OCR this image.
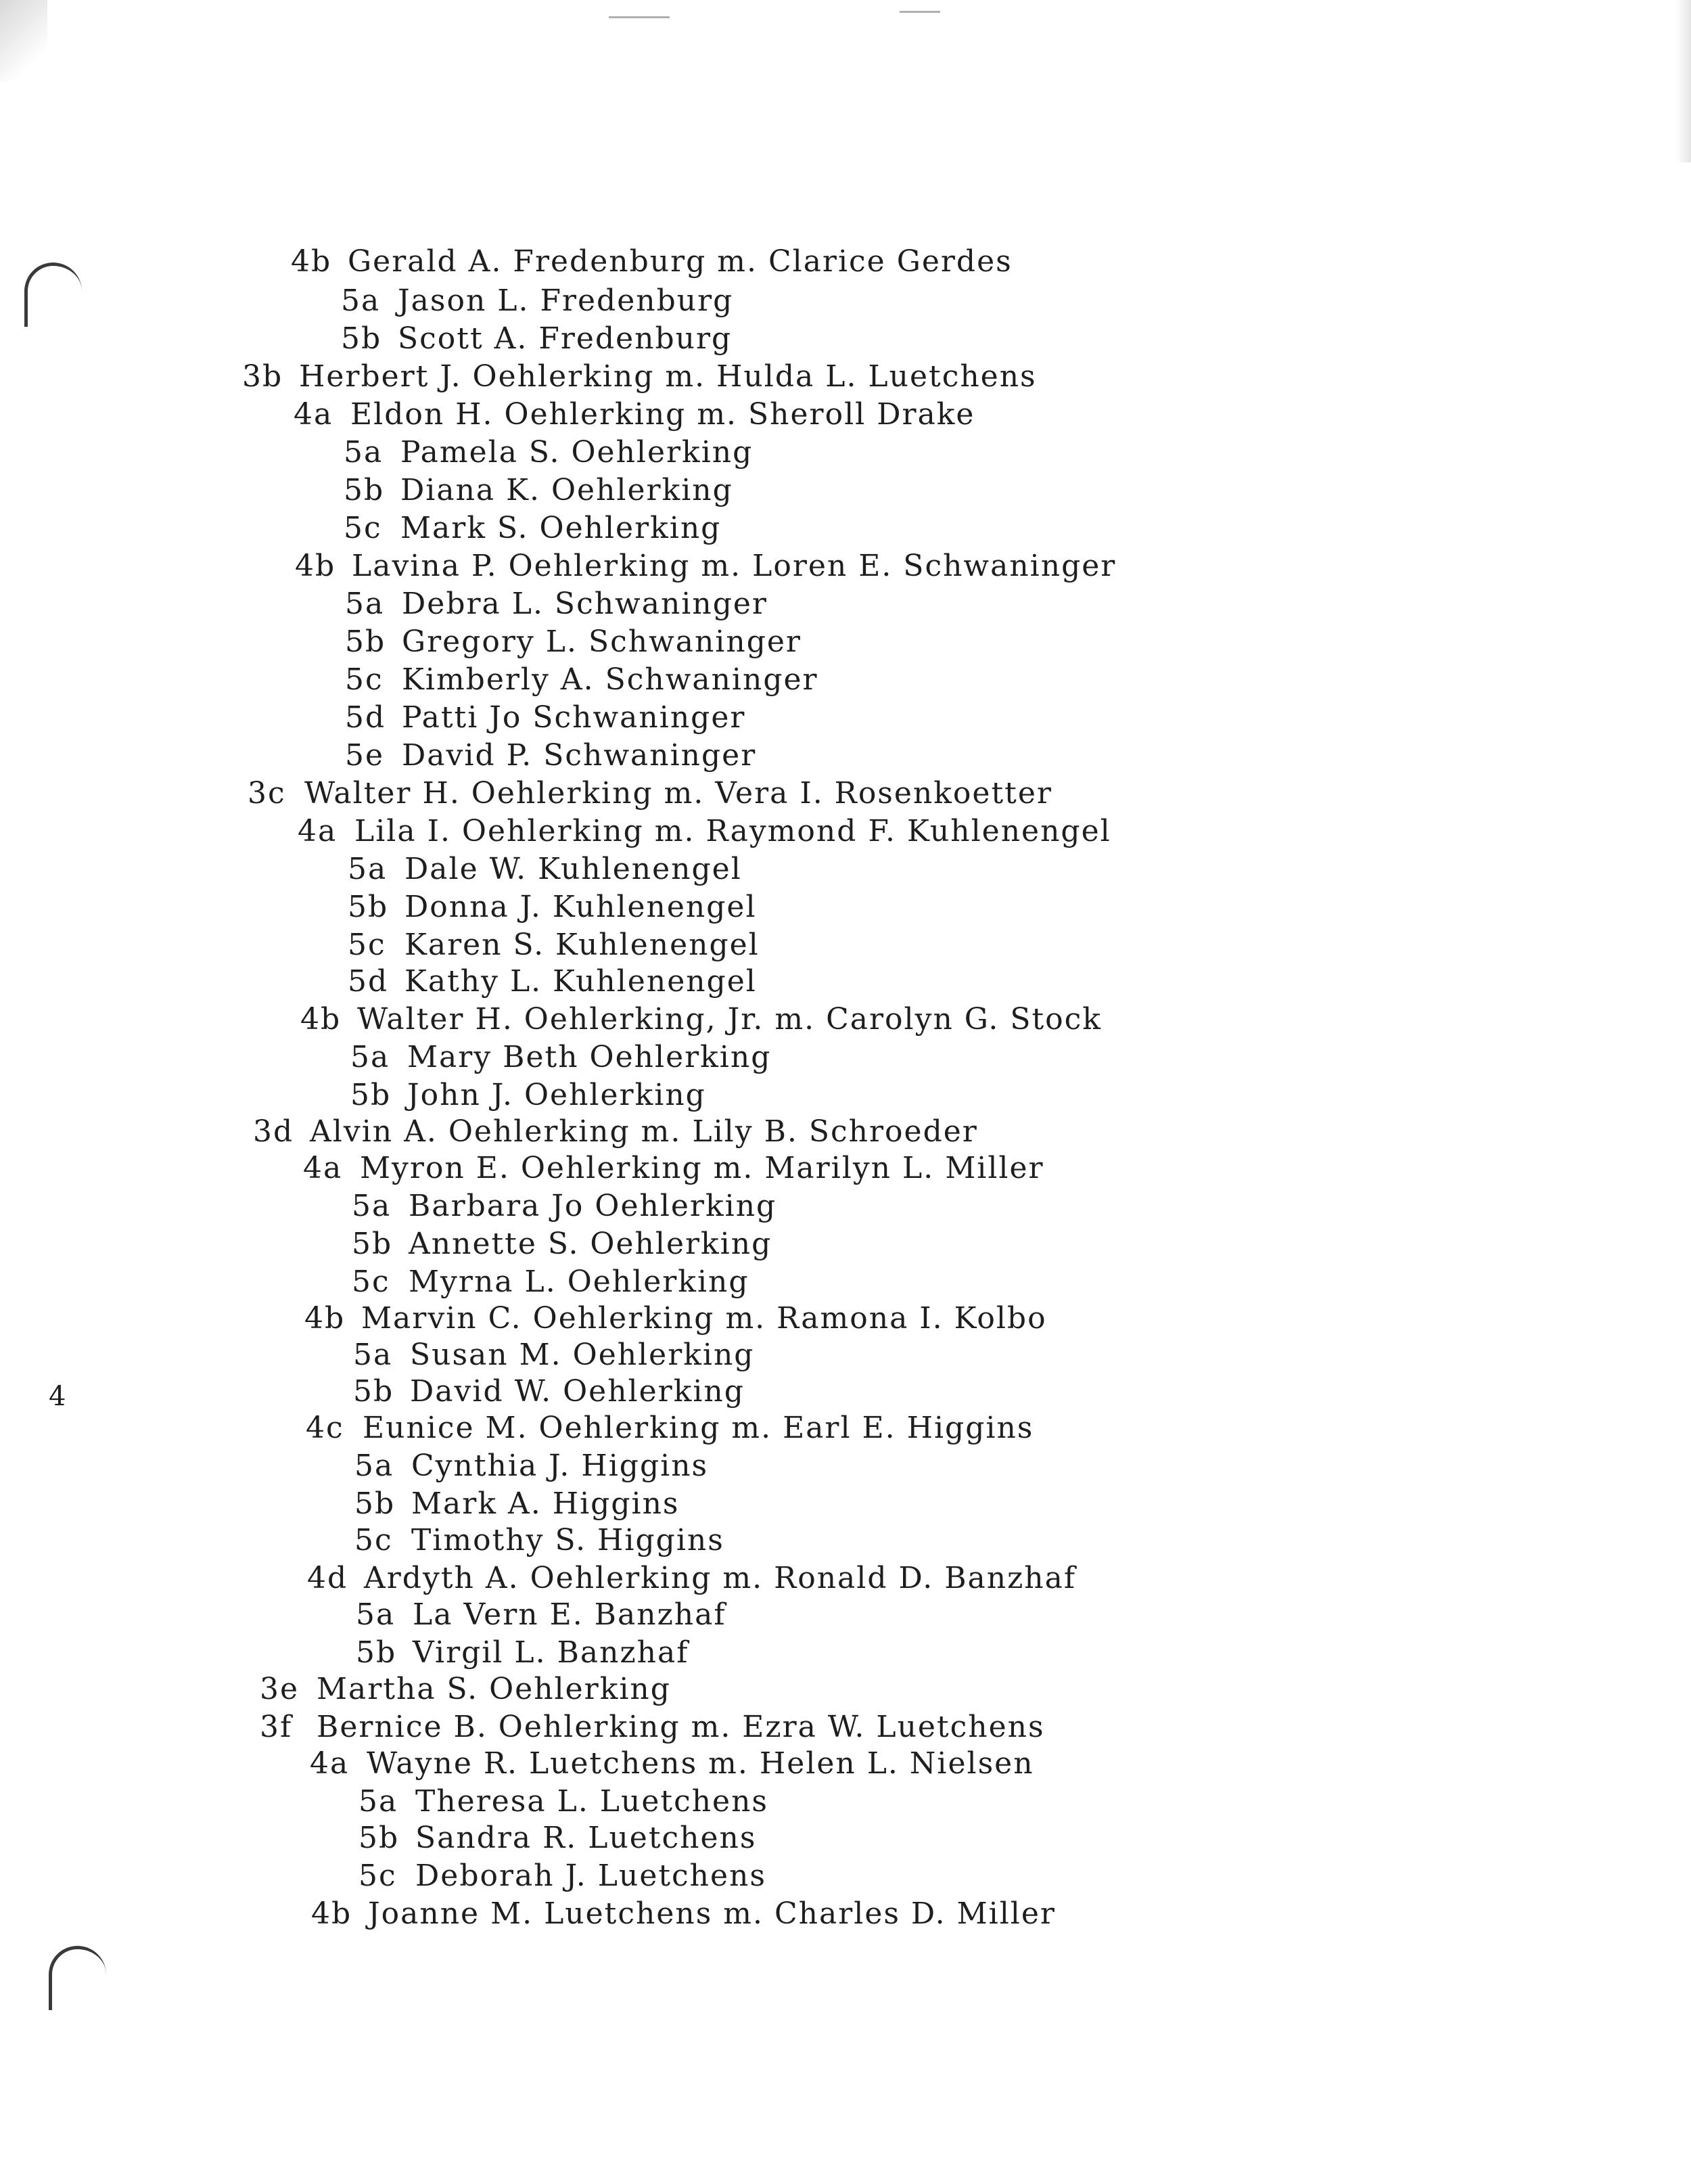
4
4b Gerald A. Fredenburg m. Clarice Gerdes
5a Jason L. Fredenburg
5b Scott A. Fredenburg
3b Herbert J. Oehlerking m. Hulda L. Luetchens
4a Eldon H. Oehlerking m. Sheroll Drake
5a Pamela S. Oehlerking
5b Diana K. Oehlerking
5c Mark S. Oehlerking
4b Lavina P. Oehlerking m. Loren E. Schwaninger
5a Debra L. Schwaninger
5b Gregory L. Schwaninger
5c Kimberly A. Schwaninger
5d Patti Jo Schwaninger
5e David P. Schwaninger
3c Walter H. Oehlerking m. Vera I. Rosenkoetter
4a Lila I. Oehlerking m. Raymond F. Kuhlenengel
5a Dale W. Kuhlenengel
5b Donna J. Kuhlenengel
5c Karen S. Kuhlenengel
5d Kathy L. Kuhlenengel
4b Walter H. Oehlerking, Jr. m. Carolyn G. Stock
5a Mary Beth Oehlerking
5b John J. Oehlerking
3d Alvin A. Oehlerking m. Lily B. Schroeder
4a Myron E. Oehlerking m. Marilyn L. Miller
5a Barbara Jo Oehlerking
5b Annette S. Oehlerking
5c Myrna L. Oehlerking
4b Marvin C. Oehlerking m. Ramona I. Kolbo
5a Susan M. Oehlerking
5b David W. Oehlerking
4c Eunice M. Oehlerking m. Earl E. Higgins
5a Cynthia J. Higgins
5b Mark A. Higgins
5c Timothy S. Higgins
4d Ardyth A. Oehlerking m. Ronald D. Banzhaf
5a La Vern E. Banzhaf
5b Virgil L. Banzhaf
3e Martha S. Oehlerking
3f Bernice B. Oehlerking m. Ezra W. Luetchens
4a Wayne R. Luetchens m. Helen L. Nielsen
5a Theresa L. Luetchens
5b Sandra R. Luetchens
5c Deborah J. Luetchens
4b Joanne M. Luetchens m. Charles D. Miller
